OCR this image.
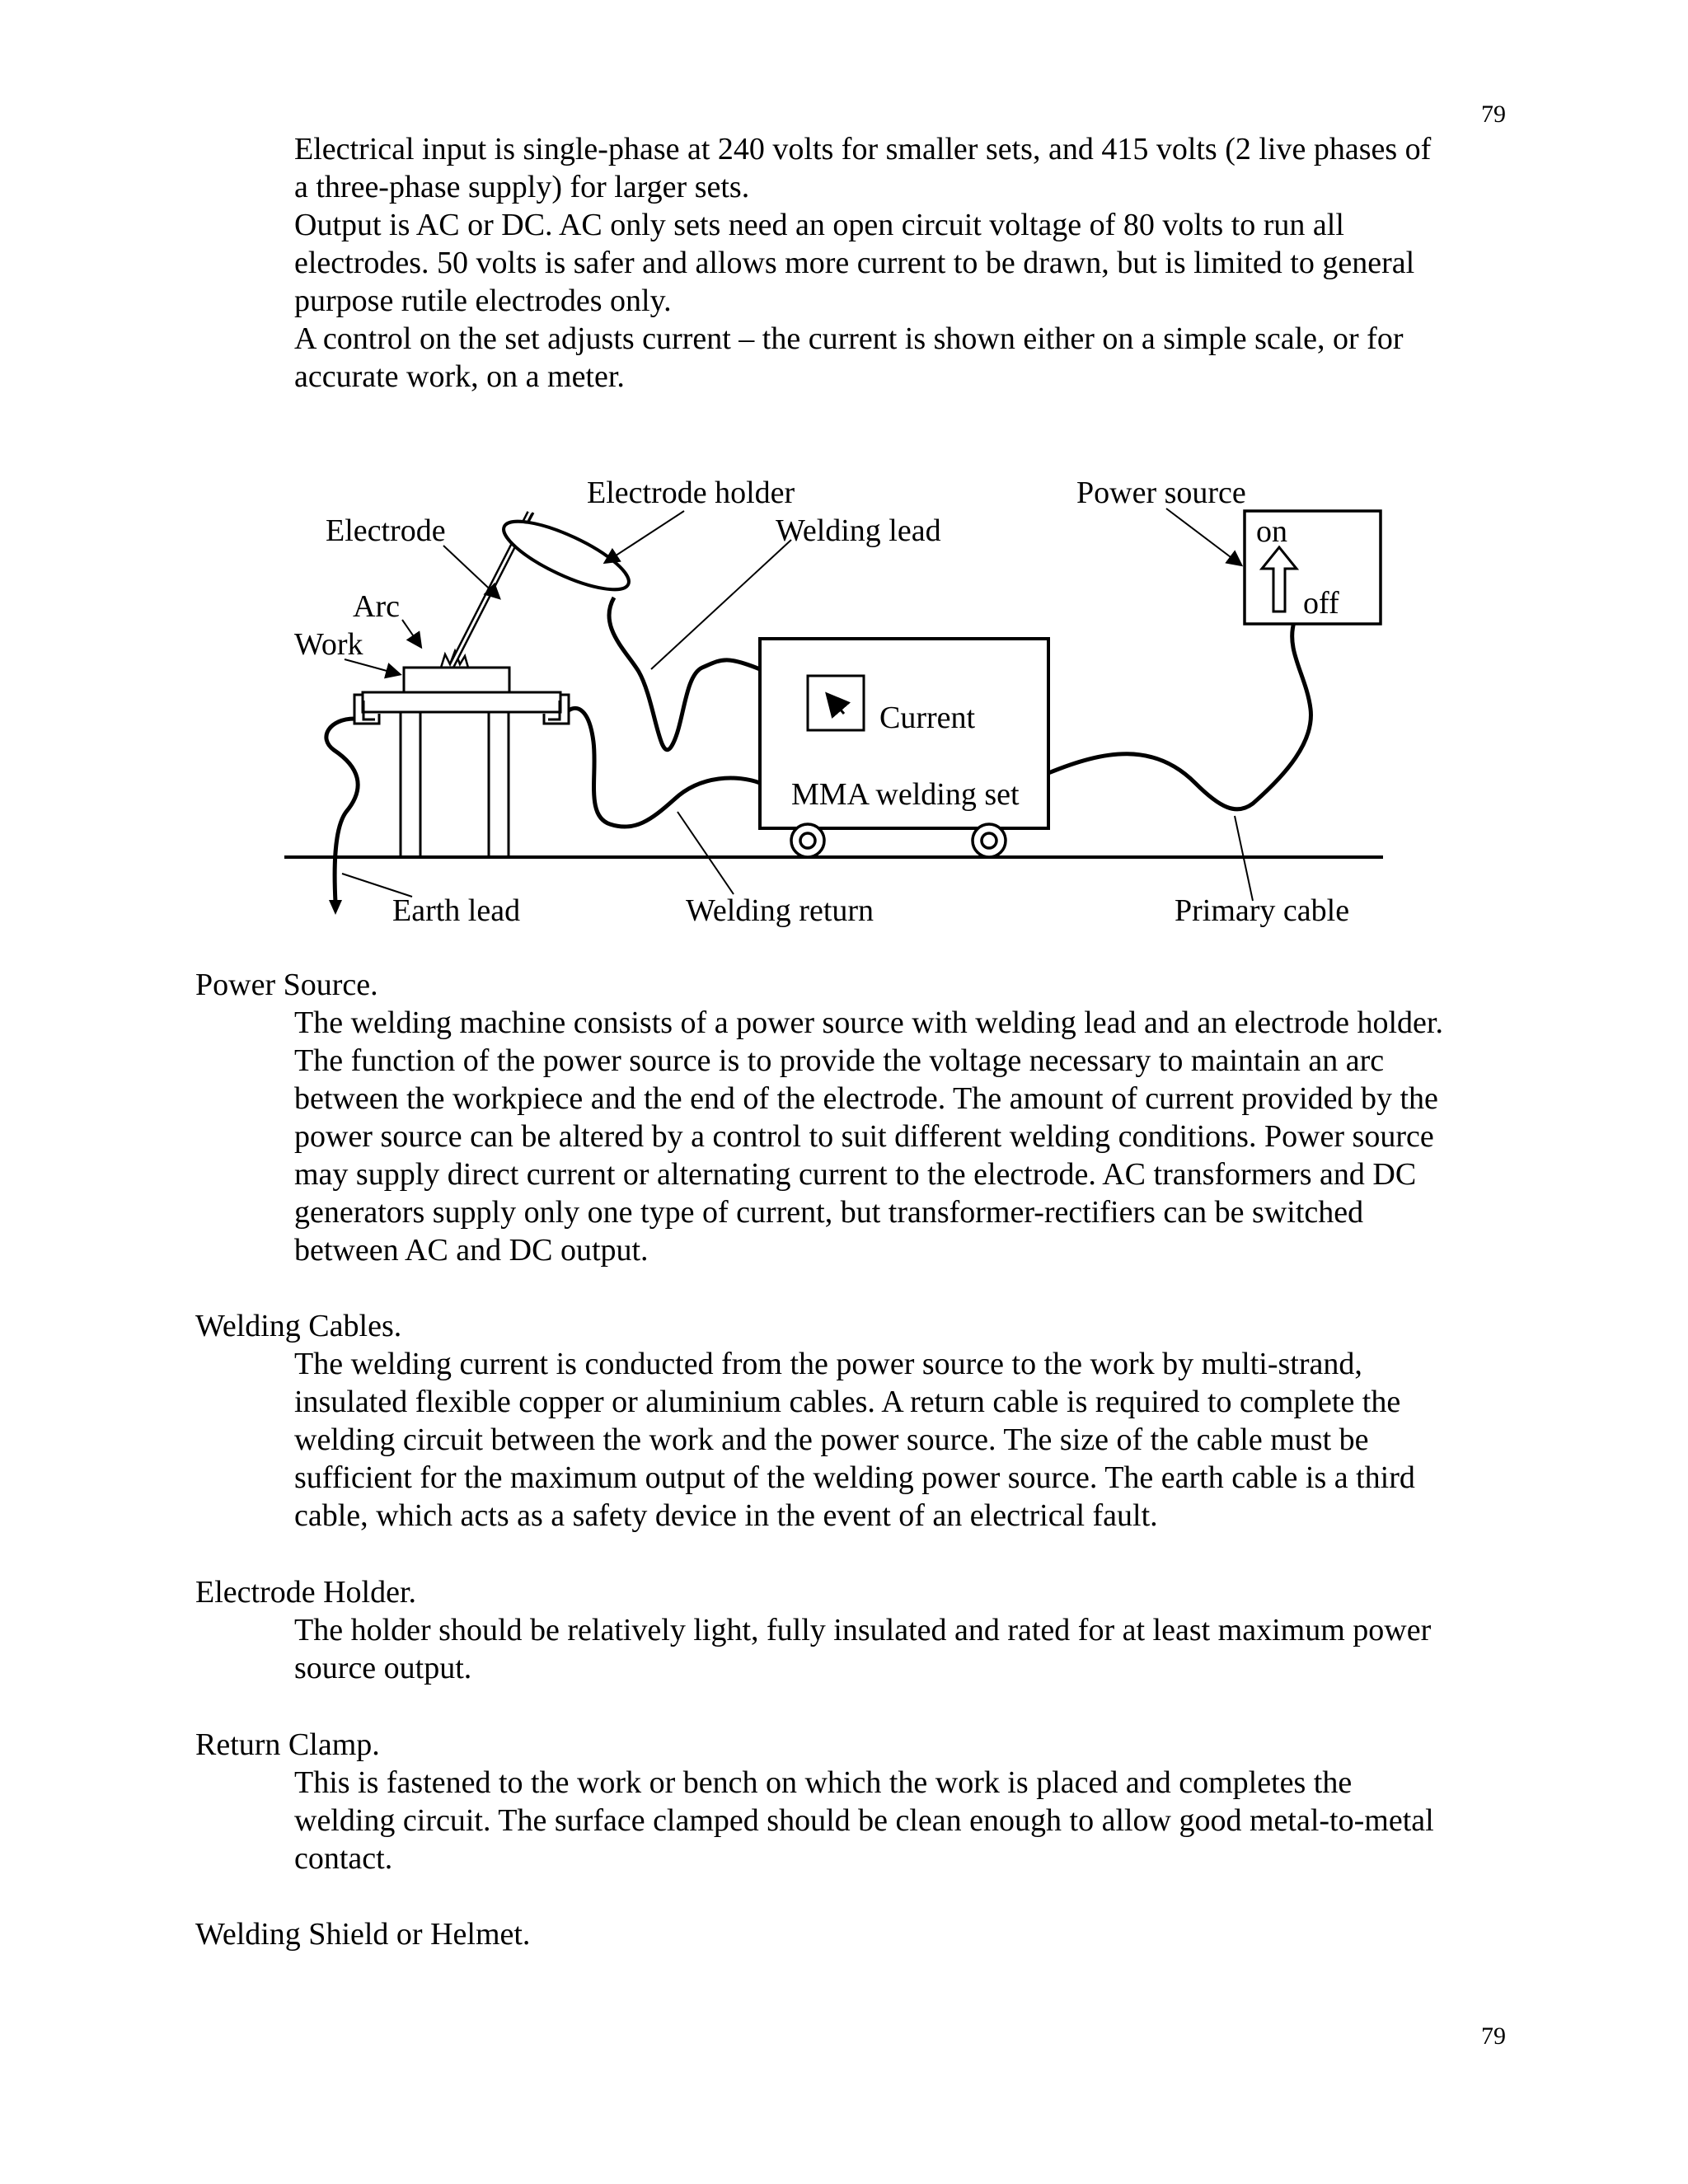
79

Electrical input is single-phase at 240 volts for smaller sets, and 415 volts (2 live phases of
a three-phase supply) for larger sets.

Output is AC or DC. AC only sets need an open circuit voltage of 80 volts to run all
electrodes. 50 volts is safer and allows more current to be drawn, but is limited to general
purpose rutile electrodes only.

A control on the set adjusts current – the current is shown either on a simple scale, or for
accurate work, on a meter.

Current
MMA welding set
on
off
Electrode holder	Power source
Electrode	Welding lead
Arc
Work
Earth lead	Welding return	Primary cable

Power Source.

The welding machine consists of a power source with welding lead and an electrode holder.
The function of the power source is to provide the voltage necessary to maintain an arc
between the workpiece and the end of the electrode. The amount of current provided by the
power source can be altered by a control to suit different welding conditions. Power source
may supply direct current or alternating current to the electrode. AC transformers and DC
generators supply only one type of current, but transformer-rectifiers can be switched
between AC and DC output.

Welding Cables.

The welding current is conducted from the power source to the work by multi-strand,
insulated flexible copper or aluminium cables. A return cable is required to complete the
welding circuit between the work and the power source. The size of the cable must be
sufficient for the maximum output of the welding power source. The earth cable is a third
cable, which acts as a safety device in the event of an electrical fault.

Electrode Holder.

The holder should be relatively light, fully insulated and rated for at least maximum power
source output.

Return Clamp.

This is fastened to the work or bench on which the work is placed and completes the
welding circuit. The surface clamped should be clean enough to allow good metal-to-metal
contact.

Welding Shield or Helmet.

79
